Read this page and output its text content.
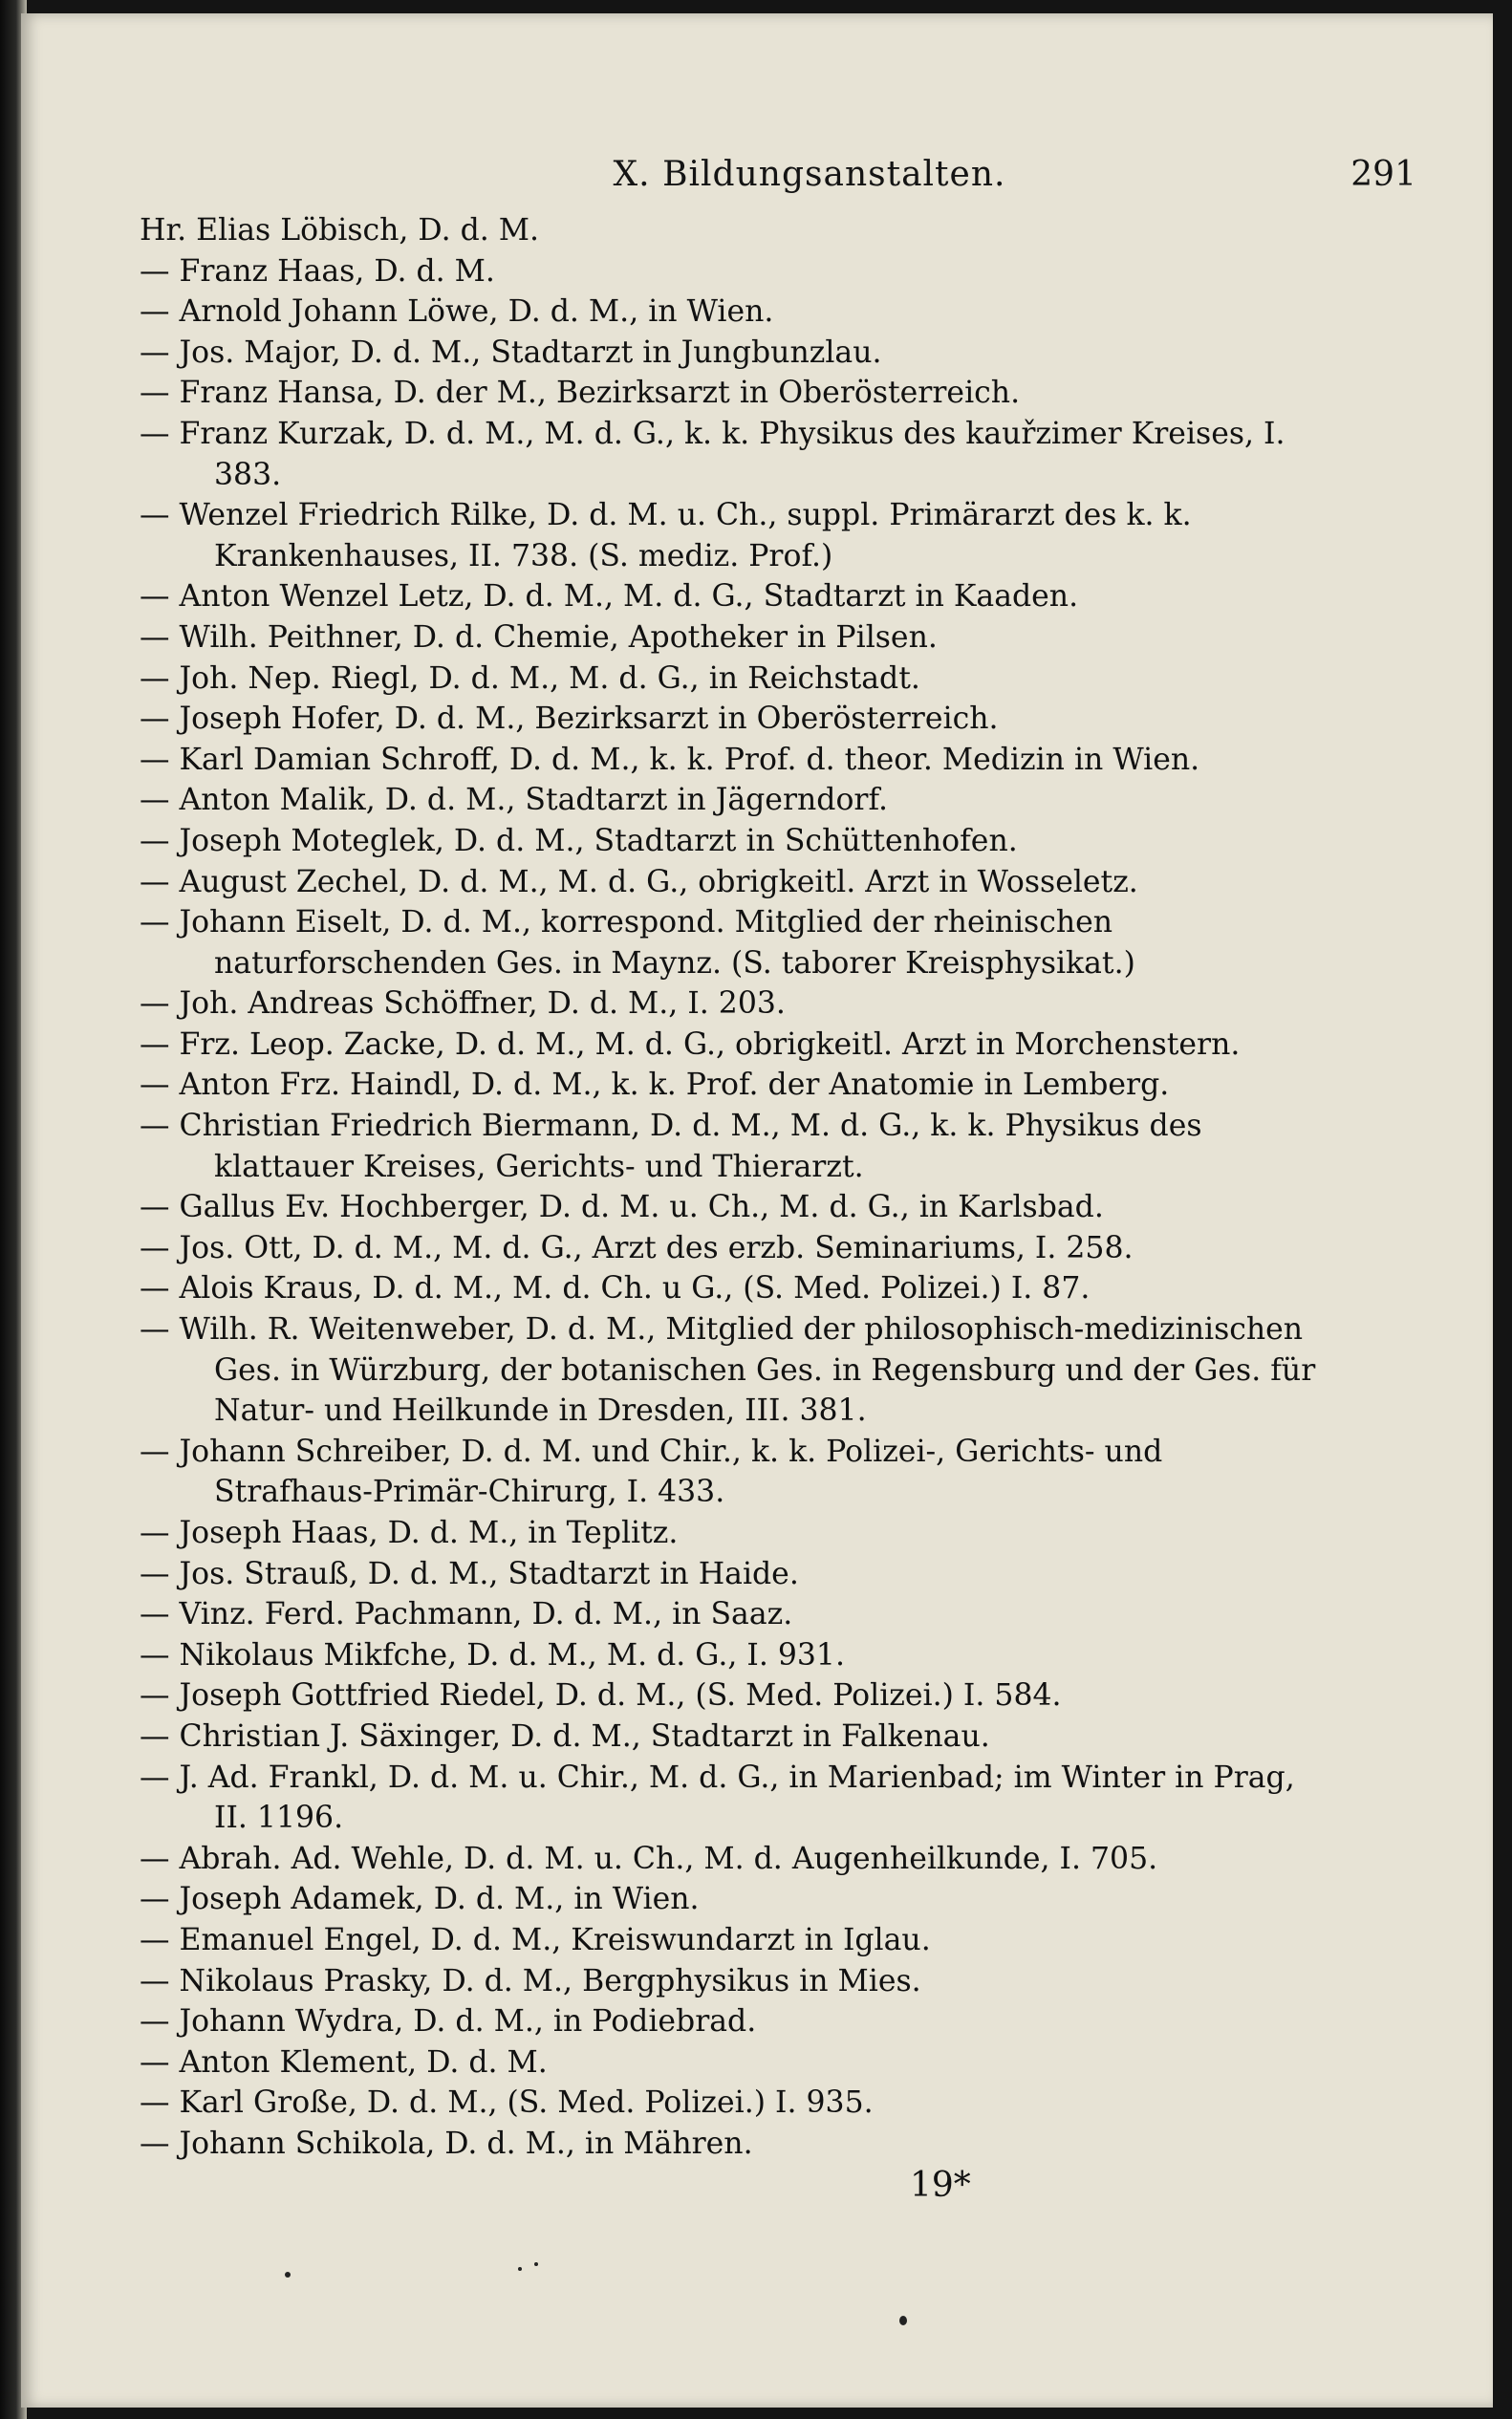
X. Bildungsanstalten.	291

Hr. Elias Löbisch, D. d. M.

— Franz Haas, D. d. M.

— Arnold Johann Löwe, D. d. M., in Wien.

— Jos. Major, D. d. M., Stadtarzt in Jungbunzlau.

— Franz Hansa, D. der M., Bezirksarzt in Oberösterreich.

— Franz Kurzak, D. d. M., M. d. G., k. k. Physikus des kauřzimer Kreises, I. 383.

— Wenzel Friedrich Rilke, D. d. M. u. Ch., suppl. Primärarzt des k. k. Krankenhauses, II. 738. (S. mediz. Prof.)

— Anton Wenzel Letz, D. d. M., M. d. G., Stadtarzt in Kaaden.

— Wilh. Peithner, D. d. Chemie, Apotheker in Pilsen.

— Joh. Nep. Riegl, D. d. M., M. d. G., in Reichstadt.

— Joseph Hofer, D. d. M., Bezirksarzt in Oberösterreich.

— Karl Damian Schroff, D. d. M., k. k. Prof. d. theor. Medizin in Wien.

— Anton Malik, D. d. M., Stadtarzt in Jägerndorf.

— Joseph Moteglek, D. d. M., Stadtarzt in Schüttenhofen.

— August Zechel, D. d. M., M. d. G., obrigkeitl. Arzt in Wosseletz.

— Johann Eiselt, D. d. M., korrespond. Mitglied der rheinischen naturforschenden Ges. in Maynz. (S. taborer Kreisphysikat.)

— Joh. Andreas Schöffner, D. d. M., I. 203.

— Frz. Leop. Zacke, D. d. M., M. d. G., obrigkeitl. Arzt in Morchenstern.

— Anton Frz. Haindl, D. d. M., k. k. Prof. der Anatomie in Lemberg.

— Christian Friedrich Biermann, D. d. M., M. d. G., k. k. Physikus des klattauer Kreises, Gerichts- und Thierarzt.

— Gallus Ev. Hochberger, D. d. M. u. Ch., M. d. G., in Karlsbad.

— Jos. Ott, D. d. M., M. d. G., Arzt des erzb. Seminariums, I. 258.

— Alois Kraus, D. d. M., M. d. Ch. u G., (S. Med. Polizei.) I. 87.

— Wilh. R. Weitenweber, D. d. M., Mitglied der philosophisch-medizinischen Ges. in Würzburg, der botanischen Ges. in Regensburg und der Ges. für Natur- und Heilkunde in Dresden, III. 381.

— Johann Schreiber, D. d. M. und Chir., k. k. Polizei-, Gerichts- und Strafhaus-Primär-Chirurg, I. 433.

— Joseph Haas, D. d. M., in Teplitz.

— Jos. Strauß, D. d. M., Stadtarzt in Haide.

— Vinz. Ferd. Pachmann, D. d. M., in Saaz.

— Nikolaus Mikfche, D. d. M., M. d. G., I. 931.

— Joseph Gottfried Riedel, D. d. M., (S. Med. Polizei.) I. 584.

— Christian J. Säxinger, D. d. M., Stadtarzt in Falkenau.

— J. Ad. Frankl, D. d. M. u. Chir., M. d. G., in Marienbad; im Winter in Prag, II. 1196.

— Abrah. Ad. Wehle, D. d. M. u. Ch., M. d. Augenheilkunde, I. 705.

— Joseph Adamek, D. d. M., in Wien.

— Emanuel Engel, D. d. M., Kreiswundarzt in Iglau.

— Nikolaus Prasky, D. d. M., Bergphysikus in Mies.

— Johann Wydra, D. d. M., in Podiebrad.

— Anton Klement, D. d. M.

— Karl Große, D. d. M., (S. Med. Polizei.) I. 935.

— Johann Schikola, D. d. M., in Mähren.

19*
